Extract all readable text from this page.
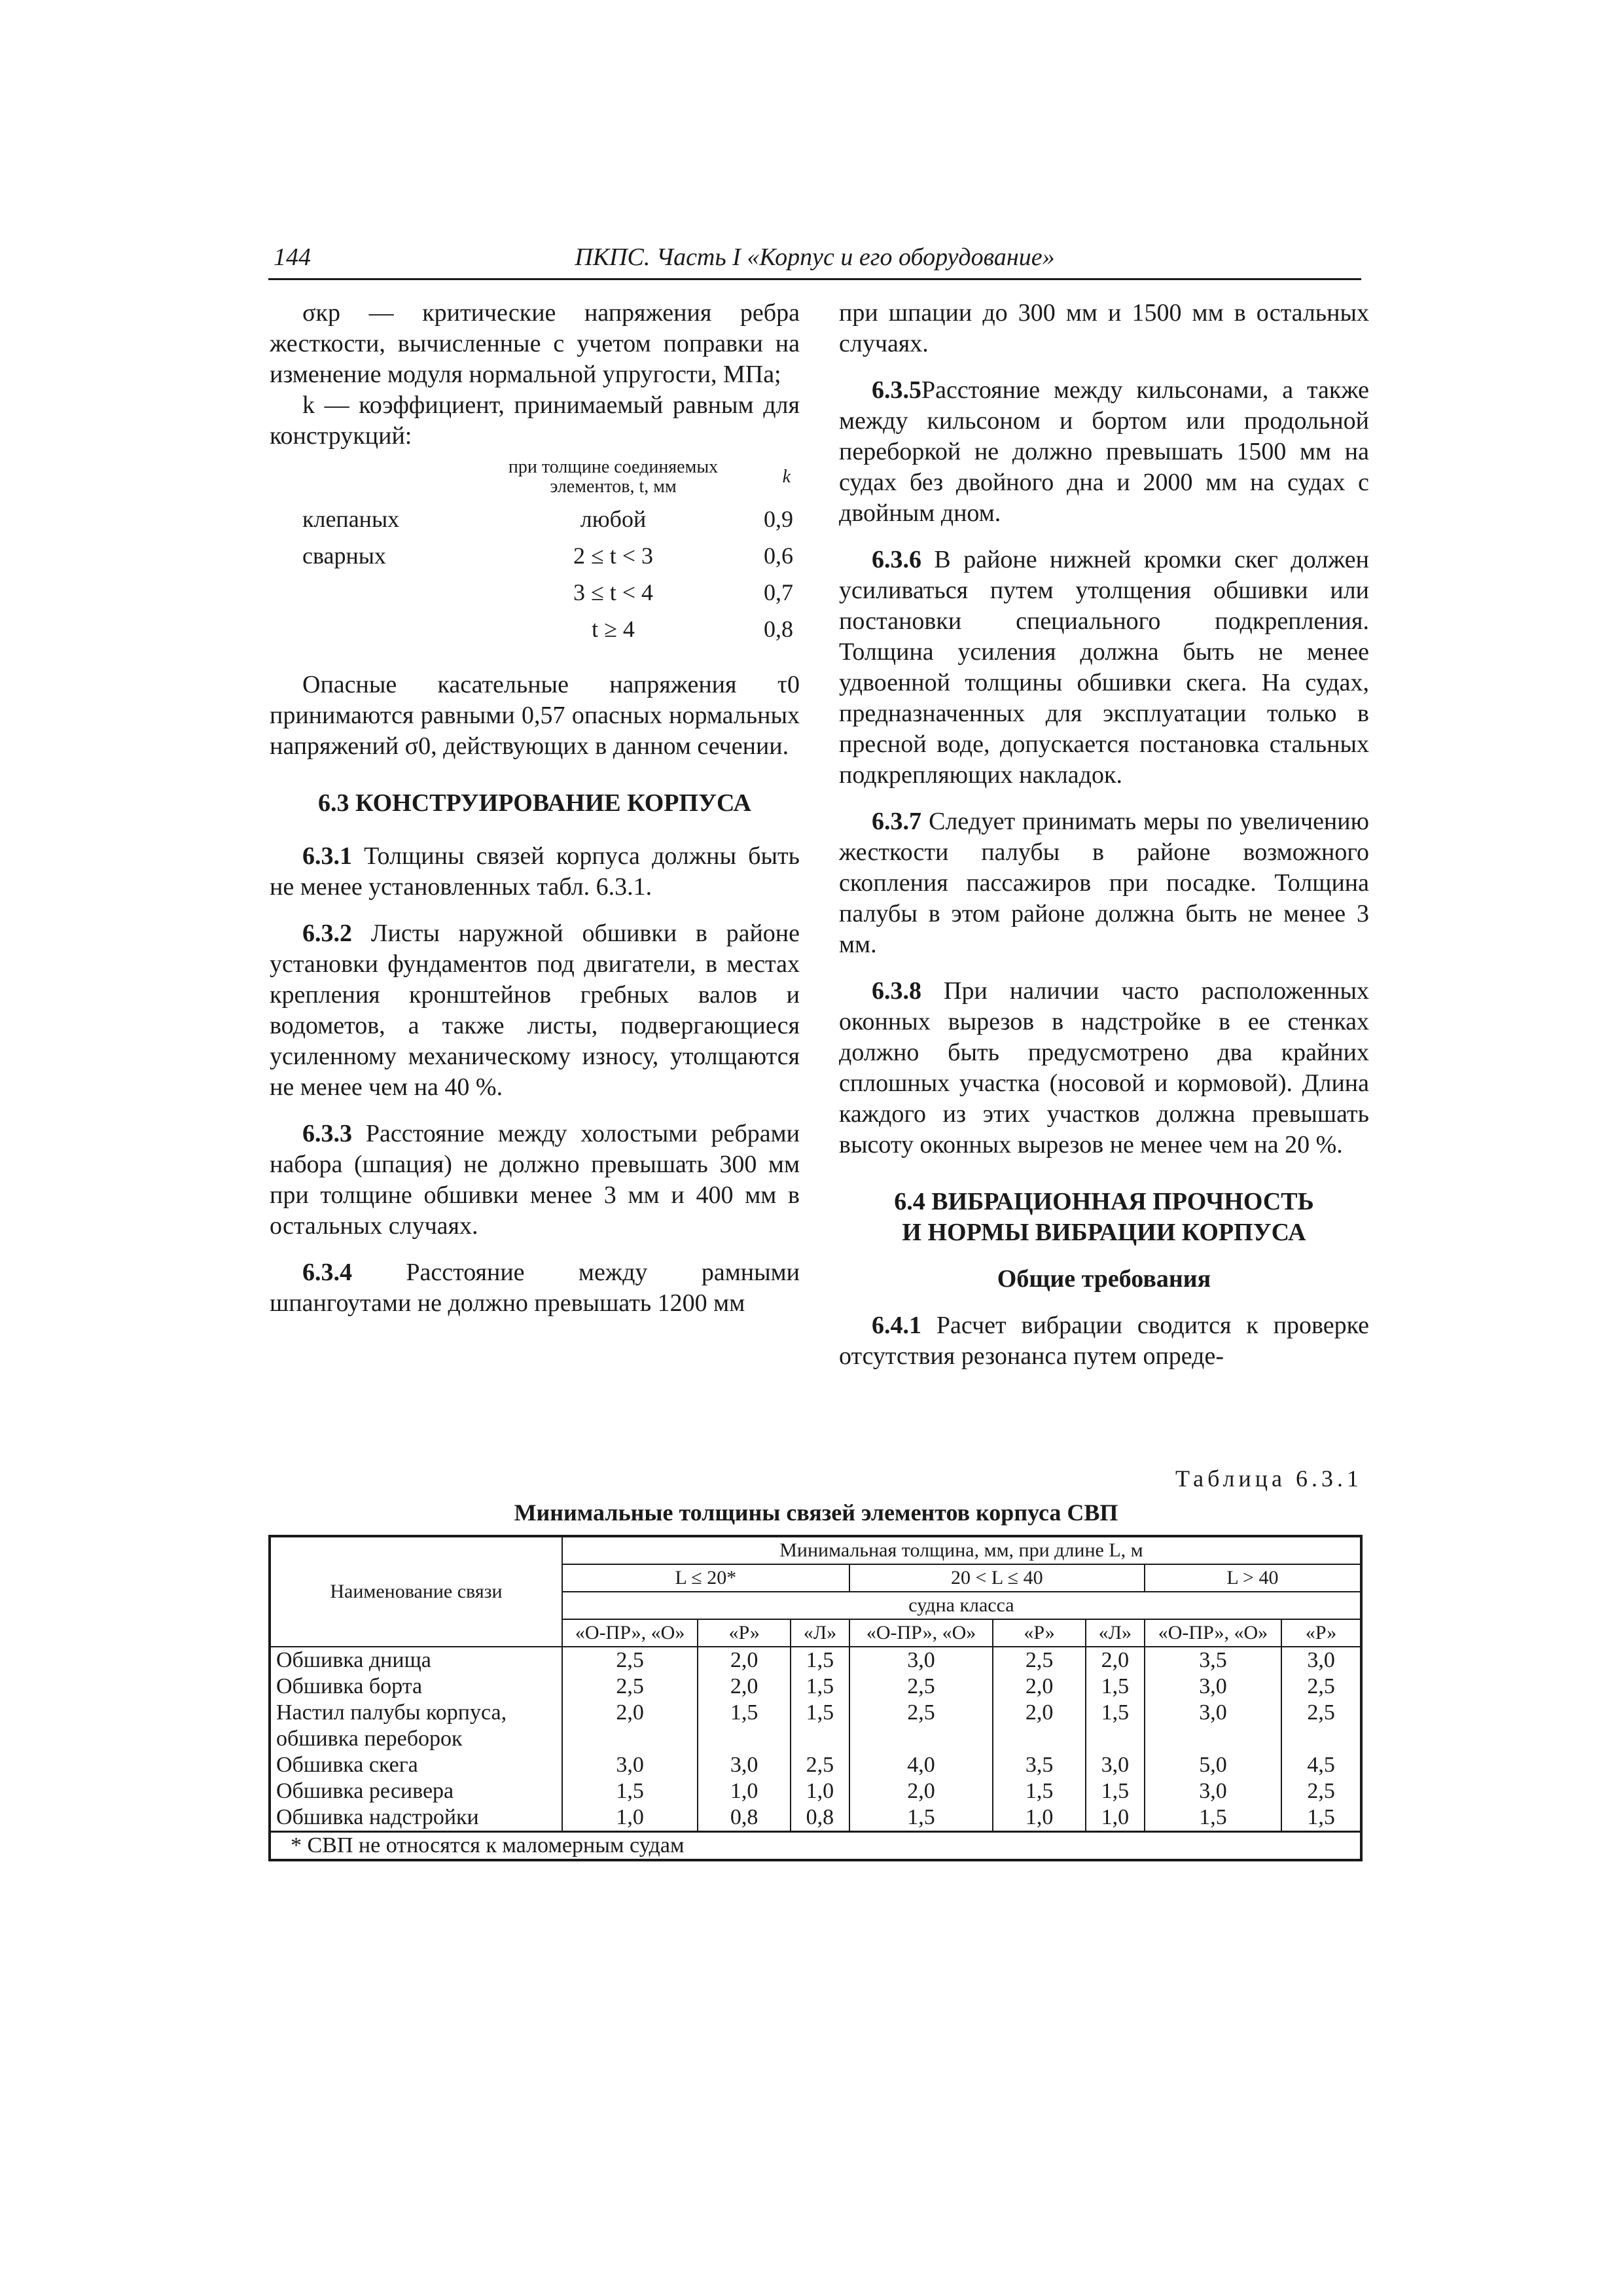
144	ПКПС. Часть I «Корпус и его оборудование»

σкр — критические напряжения ребра жесткости, вычисленные с учетом поправки на изменение модуля нормальной упругости, МПа;

k — коэффициент, принимаемый равным для конструкций:

	при толщине соединяемых элементов, t, мм	k
клепаных	любой	0,9
сварных	2 ≤ t < 3	0,6
	3 ≤ t < 4	0,7
	t ≥ 4	0,8

Опасные касательные напряжения τ0 принимаются равными 0,57 опасных нормальных напряжений σ0, действующих в данном сечении.

6.3 КОНСТРУИРОВАНИЕ КОРПУСА

6.3.1 Толщины связей корпуса должны быть не менее установленных табл. 6.3.1.

6.3.2 Листы наружной обшивки в районе установки фундаментов под двигатели, в местах крепления кронштейнов гребных валов и водометов, а также листы, подвергающиеся усиленному механическому износу, утолщаются не менее чем на 40 %.

6.3.3 Расстояние между холостыми ребрами набора (шпация) не должно превышать 300 мм при толщине обшивки менее 3 мм и 400 мм в остальных случаях.

6.3.4 Расстояние между рамными шпангоутами не должно превышать 1200 мм

при шпации до 300 мм и 1500 мм в остальных случаях.

6.3.5Расстояние между кильсонами, а также между кильсоном и бортом или продольной переборкой не должно превышать 1500 мм на судах без двойного дна и 2000 мм на судах с двойным дном.

6.3.6 В районе нижней кромки скег должен усиливаться путем утолщения обшивки или постановки специального подкрепления. Толщина усиления должна быть не менее удвоенной толщины обшивки скега. На судах, предназначенных для эксплуатации только в пресной воде, допускается постановка стальных подкрепляющих накладок.

6.3.7 Следует принимать меры по увеличению жесткости палубы в районе возможного скопления пассажиров при посадке. Толщина палубы в этом районе должна быть не менее 3 мм.

6.3.8 При наличии часто расположенных оконных вырезов в надстройке в ее стенках должно быть предусмотрено два крайних сплошных участка (носовой и кормовой). Длина каждого из этих участков должна превышать высоту оконных вырезов не менее чем на 20 %.

6.4 ВИБРАЦИОННАЯ ПРОЧНОСТЬ
И НОРМЫ ВИБРАЦИИ КОРПУСА

Общие требования

6.4.1 Расчет вибрации сводится к проверке отсутствия резонанса путем опреде-

Таблица 6.3.1
Минимальные толщины связей элементов корпуса СВП
Наименование связи	Минимальная толщина, мм, при длине L, м							
	L ≤ 20*			20 < L ≤ 40			L > 40	
	судна класса							
	«О-ПР», «О»	«Р»	«Л»	«О-ПР», «О»	«Р»	«Л»	«О-ПР», «О»	«Р»
Обшивка днища	2,5	2,0	1,5	3,0	2,5	2,0	3,5	3,0
Обшивка борта	2,5	2,0	1,5	2,5	2,0	1,5	3,0	2,5
Настил палубы корпуса, обшивка переборок	2,0	1,5	1,5	2,5	2,0	1,5	3,0	2,5
Обшивка скега	3,0	3,0	2,5	4,0	3,5	3,0	5,0	4,5
Обшивка ресивера	1,5	1,0	1,0	2,0	1,5	1,5	3,0	2,5
Обшивка надстройки	1,0	0,8	0,8	1,5	1,0	1,0	1,5	1,5
* СВП не относятся к маломерным судам								
